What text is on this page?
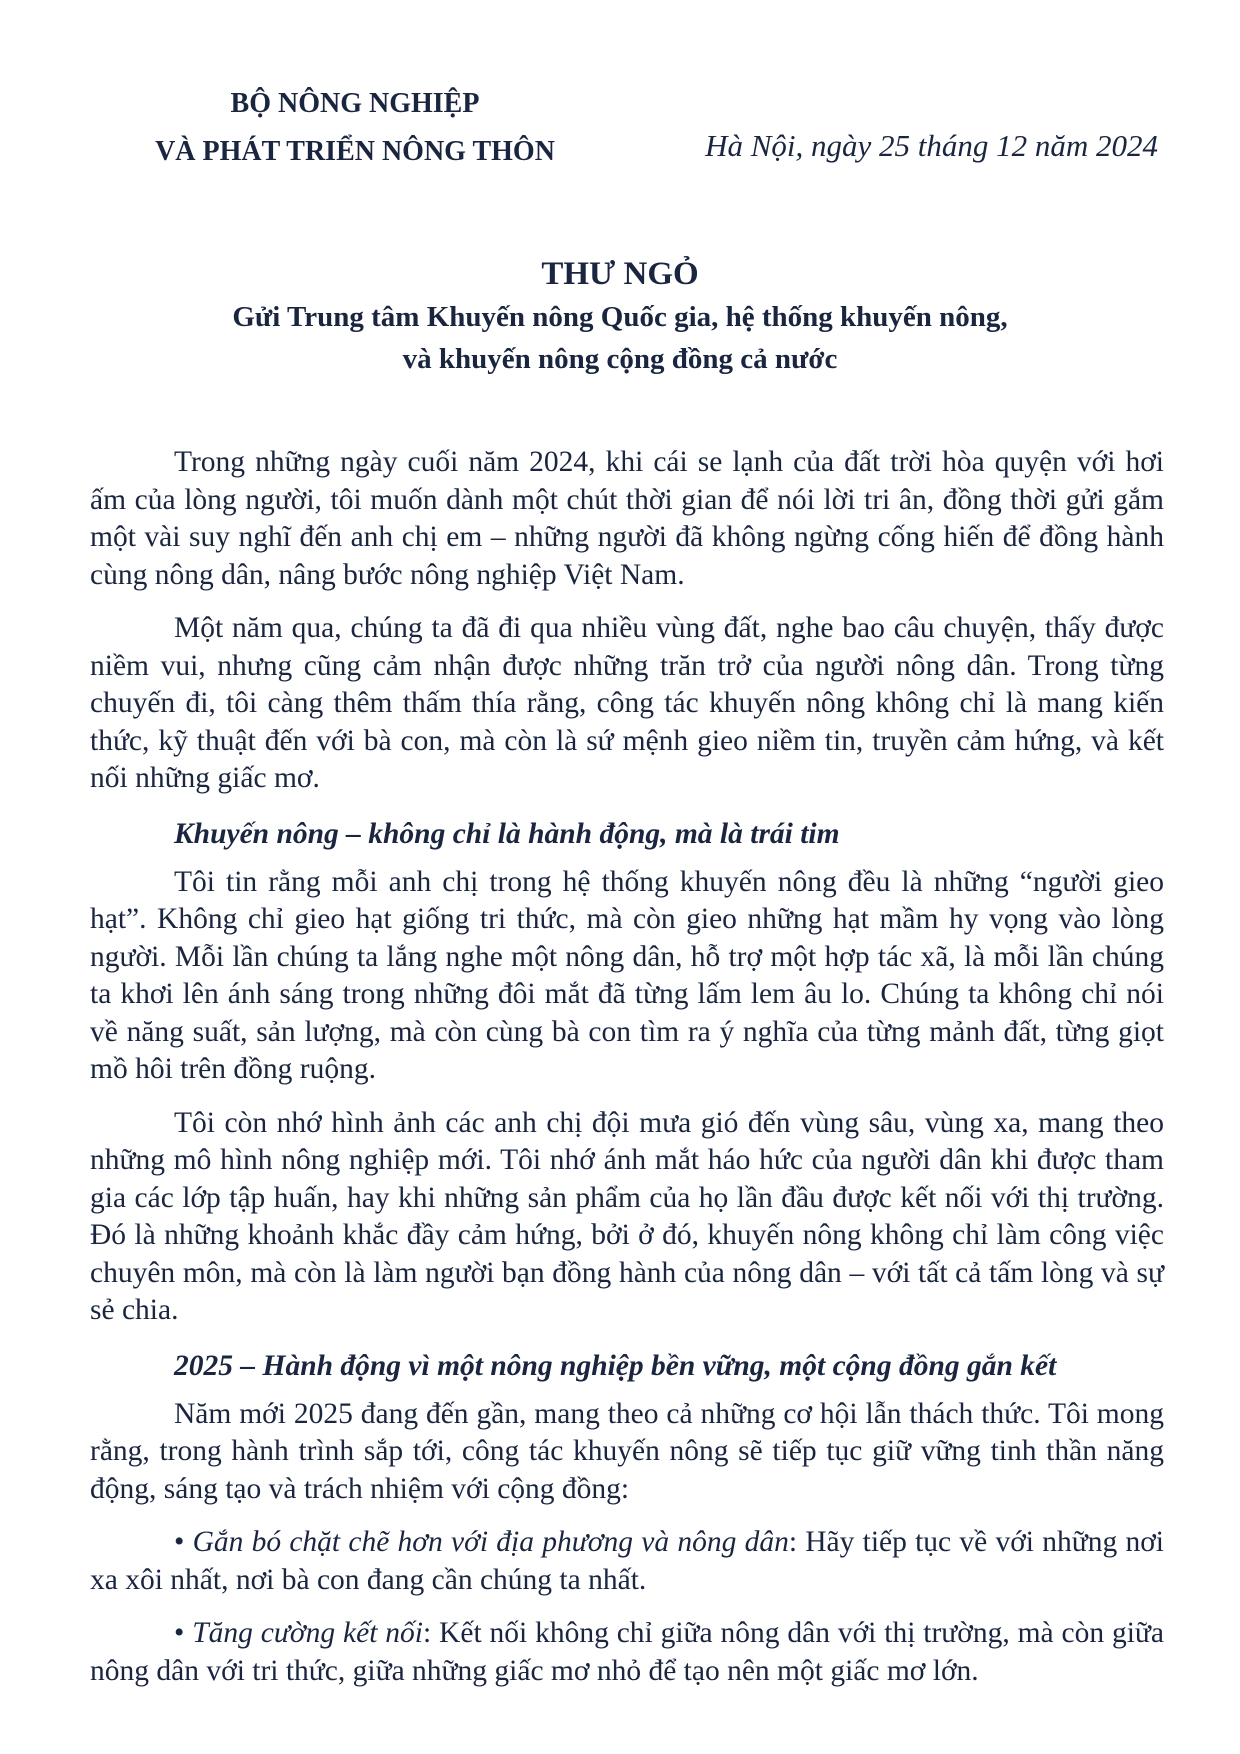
BỘ NÔNG NGHIỆP
VÀ PHÁT TRIỂN NÔNG THÔN	Hà Nội, ngày 25 tháng 12 năm 2024
THƯ NGỎ
Gửi Trung tâm Khuyến nông Quốc gia, hệ thống khuyến nông,
và khuyến nông cộng đồng cả nước

Trong những ngày cuối năm 2024, khi cái se lạnh của đất trời hòa quyện với hơi ấm của lòng người, tôi muốn dành một chút thời gian để nói lời tri ân, đồng thời gửi gắm một vài suy nghĩ đến anh chị em – những người đã không ngừng cống hiến để đồng hành cùng nông dân, nâng bước nông nghiệp Việt Nam.

Một năm qua, chúng ta đã đi qua nhiều vùng đất, nghe bao câu chuyện, thấy được niềm vui, nhưng cũng cảm nhận được những trăn trở của người nông dân. Trong từng chuyến đi, tôi càng thêm thấm thía rằng, công tác khuyến nông không chỉ là mang kiến thức, kỹ thuật đến với bà con, mà còn là sứ mệnh gieo niềm tin, truyền cảm hứng, và kết nối những giấc mơ.

Khuyến nông – không chỉ là hành động, mà là trái tim

Tôi tin rằng mỗi anh chị trong hệ thống khuyến nông đều là những “người gieo hạt”. Không chỉ gieo hạt giống tri thức, mà còn gieo những hạt mầm hy vọng vào lòng người. Mỗi lần chúng ta lắng nghe một nông dân, hỗ trợ một hợp tác xã, là mỗi lần chúng ta khơi lên ánh sáng trong những đôi mắt đã từng lấm lem âu lo. Chúng ta không chỉ nói về năng suất, sản lượng, mà còn cùng bà con tìm ra ý nghĩa của từng mảnh đất, từng giọt mồ hôi trên đồng ruộng.

Tôi còn nhớ hình ảnh các anh chị đội mưa gió đến vùng sâu, vùng xa, mang theo những mô hình nông nghiệp mới. Tôi nhớ ánh mắt háo hức của người dân khi được tham gia các lớp tập huấn, hay khi những sản phẩm của họ lần đầu được kết nối với thị trường. Đó là những khoảnh khắc đầy cảm hứng, bởi ở đó, khuyến nông không chỉ làm công việc chuyên môn, mà còn là làm người bạn đồng hành của nông dân – với tất cả tấm lòng và sự sẻ chia.

2025 – Hành động vì một nông nghiệp bền vững, một cộng đồng gắn kết

Năm mới 2025 đang đến gần, mang theo cả những cơ hội lẫn thách thức. Tôi mong rằng, trong hành trình sắp tới, công tác khuyến nông sẽ tiếp tục giữ vững tinh thần năng động, sáng tạo và trách nhiệm với cộng đồng:

• Gắn bó chặt chẽ hơn với địa phương và nông dân: Hãy tiếp tục về với những nơi xa xôi nhất, nơi bà con đang cần chúng ta nhất.

• Tăng cường kết nối: Kết nối không chỉ giữa nông dân với thị trường, mà còn giữa nông dân với tri thức, giữa những giấc mơ nhỏ để tạo nên một giấc mơ lớn.
